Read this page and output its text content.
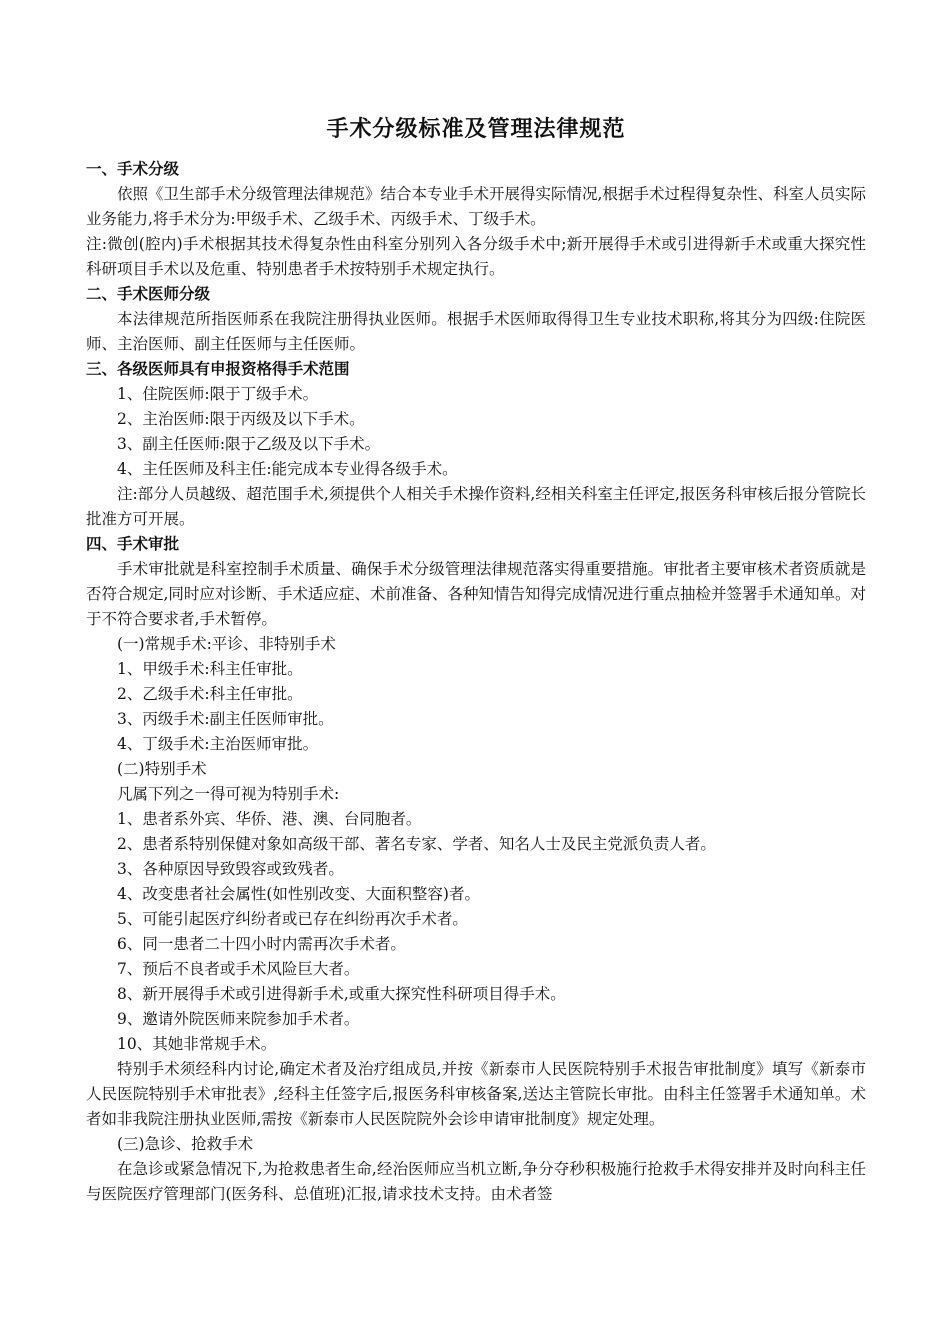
手术分级标准及管理法律规范

一、手术分级

依照《卫生部手术分级管理法律规范》结合本专业手术开展得实际情况,根据手术过程得复杂性、科室人员实际业务能力,将手术分为:甲级手术、乙级手术、丙级手术、丁级手术。

注:微创(腔内)手术根据其技术得复杂性由科室分别列入各分级手术中;新开展得手术或引进得新手术或重大探究性科研项目手术以及危重、特别患者手术按特别手术规定执行。

二、手术医师分级

本法律规范所指医师系在我院注册得执业医师。根据手术医师取得得卫生专业技术职称,将其分为四级:住院医师、主治医师、副主任医师与主任医师。

三、各级医师具有申报资格得手术范围

1、住院医师:限于丁级手术。

2、主治医师:限于丙级及以下手术。

3、副主任医师:限于乙级及以下手术。

4、主任医师及科主任:能完成本专业得各级手术。

注:部分人员越级、超范围手术,须提供个人相关手术操作资料,经相关科室主任评定,报医务科审核后报分管院长批准方可开展。

四、手术审批

手术审批就是科室控制手术质量、确保手术分级管理法律规范落实得重要措施。审批者主要审核术者资质就是否符合规定,同时应对诊断、手术适应症、术前准备、各种知情告知得完成情况进行重点抽检并签署手术通知单。对于不符合要求者,手术暂停。

(一)常规手术:平诊、非特别手术

1、甲级手术:科主任审批。

2、乙级手术:科主任审批。

3、丙级手术:副主任医师审批。

4、丁级手术:主治医师审批。

(二)特别手术

凡属下列之一得可视为特别手术:

1、患者系外宾、华侨、港、澳、台同胞者。

2、患者系特别保健对象如高级干部、著名专家、学者、知名人士及民主党派负责人者。

3、各种原因导致毁容或致残者。

4、改变患者社会属性(如性别改变、大面积整容)者。

5、可能引起医疗纠纷者或已存在纠纷再次手术者。

6、同一患者二十四小时内需再次手术者。

7、预后不良者或手术风险巨大者。

8、新开展得手术或引进得新手术,或重大探究性科研项目得手术。

9、邀请外院医师来院参加手术者。

10、其她非常规手术。

特别手术须经科内讨论,确定术者及治疗组成员,并按《新泰市人民医院特别手术报告审批制度》填写《新泰市人民医院特别手术审批表》,经科主任签字后,报医务科审核备案,送达主管院长审批。由科主任签署手术通知单。术者如非我院注册执业医师,需按《新泰市人民医院院外会诊申请审批制度》规定处理。

(三)急诊、抢救手术

在急诊或紧急情况下,为抢救患者生命,经治医师应当机立断,争分夺秒积极施行抢救手术得安排并及时向科主任与医院医疗管理部门(医务科、总值班)汇报,请求技术支持。由术者签
